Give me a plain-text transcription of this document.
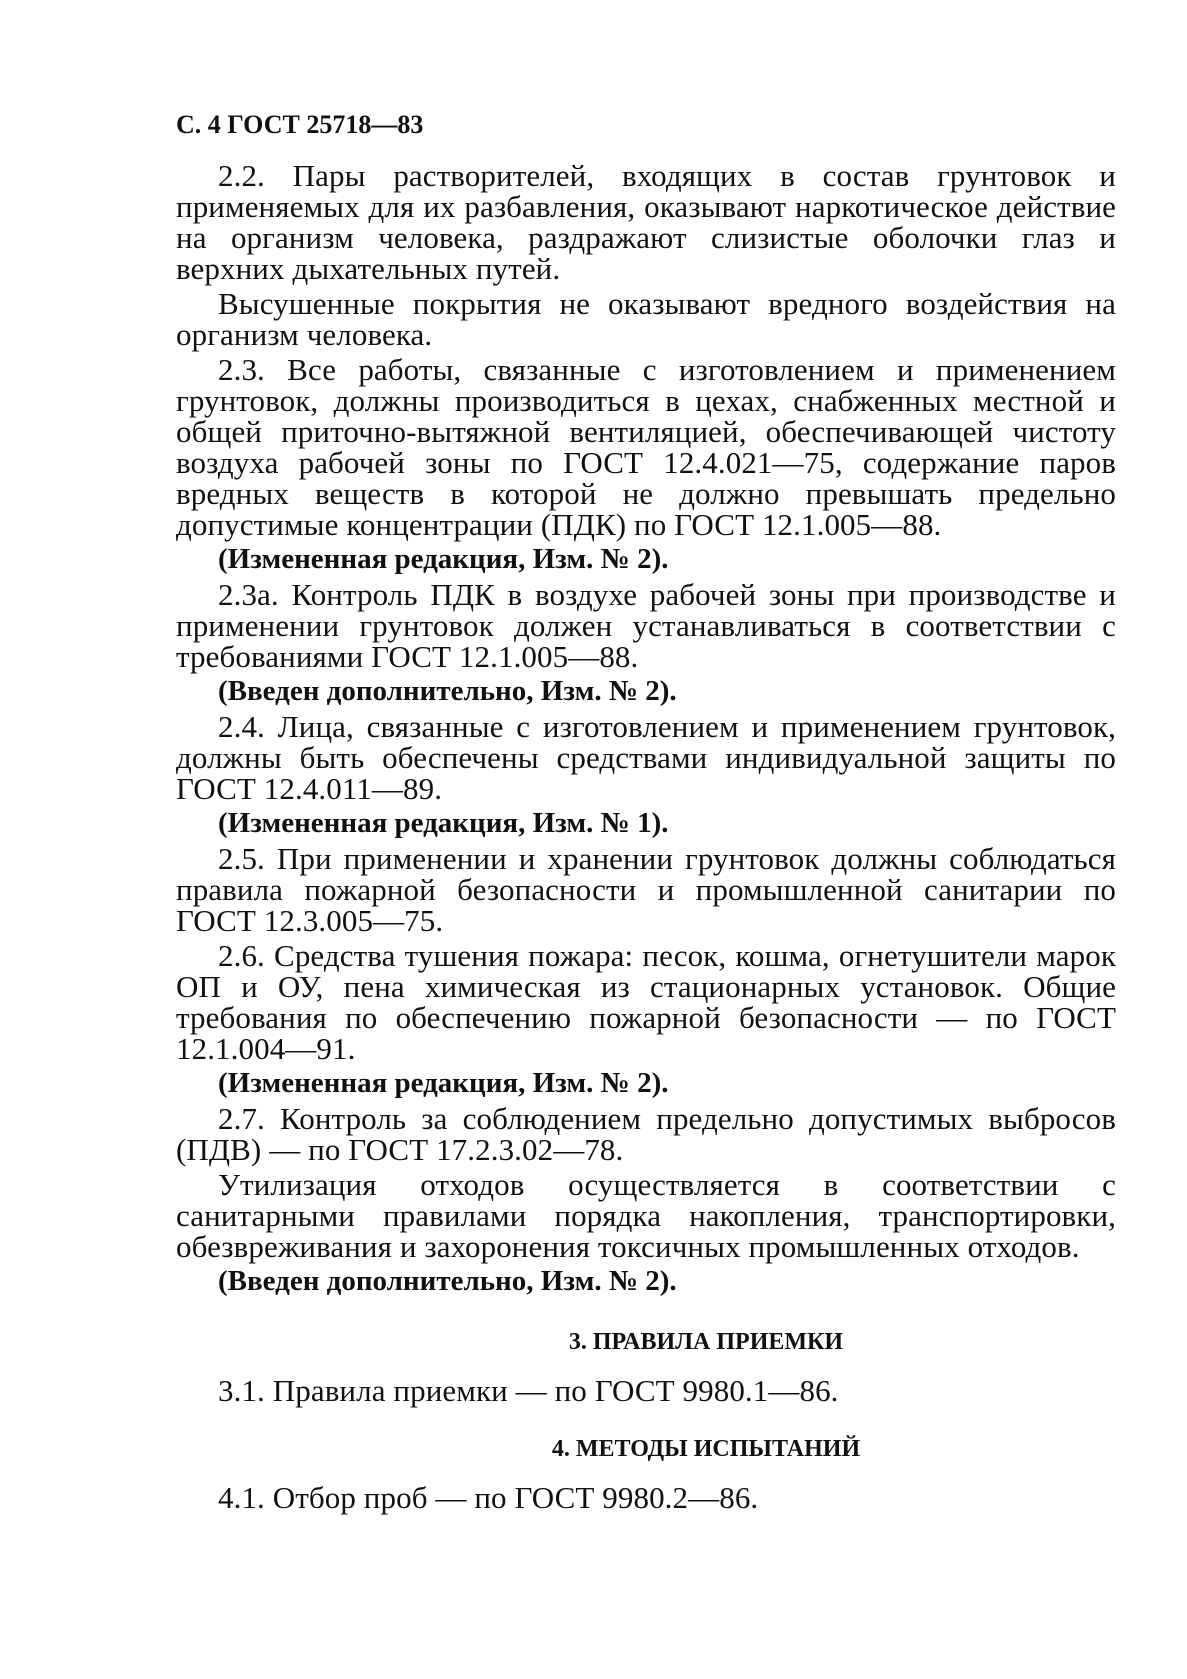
С. 4 ГОСТ 25718—83

2.2. Пары растворителей, входящих в состав грунтовок и применяемых для их разбавления, оказывают наркотическое действие на организм человека, раздражают слизистые оболочки глаз и верхних дыхательных путей.

Высушенные покрытия не оказывают вредного воздействия на организм человека.

2.3. Все работы, связанные с изготовлением и применением грунтовок, должны производиться в цехах, снабженных местной и общей приточно-вытяжной вентиляцией, обеспечивающей чистоту воздуха рабочей зоны по ГОСТ 12.4.021—75, содержание паров вредных веществ в которой не должно превышать предельно допустимые концентрации (ПДК) по ГОСТ 12.1.005—88.

(Измененная редакция, Изм. № 2).

2.3а. Контроль ПДК в воздухе рабочей зоны при производстве и применении грунтовок должен устанавливаться в соответствии с требованиями ГОСТ 12.1.005—88.

(Введен дополнительно, Изм. № 2).

2.4. Лица, связанные с изготовлением и применением грунтовок, должны быть обеспечены средствами индивидуальной защиты по ГОСТ 12.4.011—89.

(Измененная редакция, Изм. № 1).

2.5. При применении и хранении грунтовок должны соблюдаться правила пожарной безопасности и промышленной санитарии по ГОСТ 12.3.005—75.

2.6. Средства тушения пожара: песок, кошма, огнетушители марок ОП и ОУ, пена химическая из стационарных установок. Общие требования по обеспечению пожарной безопасности — по ГОСТ 12.1.004—91.

(Измененная редакция, Изм. № 2).

2.7. Контроль за соблюдением предельно допустимых выбросов (ПДВ) — по ГОСТ 17.2.3.02—78.

Утилизация отходов осуществляется в соответствии с санитарными правилами порядка накопления, транспортировки, обезвреживания и захоронения токсичных промышленных отходов.

(Введен дополнительно, Изм. № 2).

3. ПРАВИЛА ПРИЕМКИ

3.1. Правила приемки — по ГОСТ 9980.1—86.

4. МЕТОДЫ ИСПЫТАНИЙ

4.1. Отбор проб — по ГОСТ 9980.2—86.
